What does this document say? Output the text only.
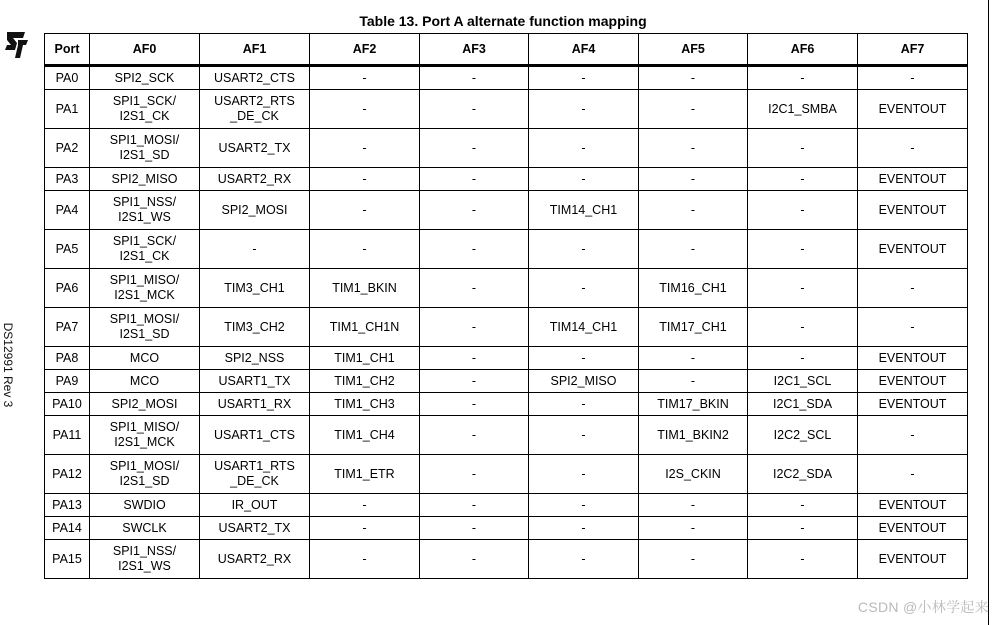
DS12991 Rev 3
Table 13. Port A alternate function mapping
Port	AF0	AF1	AF2	AF3	AF4	AF5	AF6	AF7
PA0	SPI2_SCK	USART2_CTS	-	-	-	-	-	-
PA1	SPI1_SCK/
I2S1_CK	USART2_RTS
_DE_CK	-	-	-	-	I2C1_SMBA	EVENTOUT
PA2	SPI1_MOSI/
I2S1_SD	USART2_TX	-	-	-	-	-	-
PA3	SPI2_MISO	USART2_RX	-	-	-	-	-	EVENTOUT
PA4	SPI1_NSS/
I2S1_WS	SPI2_MOSI	-	-	TIM14_CH1	-	-	EVENTOUT
PA5	SPI1_SCK/
I2S1_CK	-	-	-	-	-	-	EVENTOUT
PA6	SPI1_MISO/
I2S1_MCK	TIM3_CH1	TIM1_BKIN	-	-	TIM16_CH1	-	-
PA7	SPI1_MOSI/
I2S1_SD	TIM3_CH2	TIM1_CH1N	-	TIM14_CH1	TIM17_CH1	-	-
PA8	MCO	SPI2_NSS	TIM1_CH1	-	-	-	-	EVENTOUT
PA9	MCO	USART1_TX	TIM1_CH2	-	SPI2_MISO	-	I2C1_SCL	EVENTOUT
PA10	SPI2_MOSI	USART1_RX	TIM1_CH3	-	-	TIM17_BKIN	I2C1_SDA	EVENTOUT
PA11	SPI1_MISO/
I2S1_MCK	USART1_CTS	TIM1_CH4	-	-	TIM1_BKIN2	I2C2_SCL	-
PA12	SPI1_MOSI/
I2S1_SD	USART1_RTS
_DE_CK	TIM1_ETR	-	-	I2S_CKIN	I2C2_SDA	-
PA13	SWDIO	IR_OUT	-	-	-	-	-	EVENTOUT
PA14	SWCLK	USART2_TX	-	-	-	-	-	EVENTOUT
PA15	SPI1_NSS/
I2S1_WS	USART2_RX	-	-	-	-	-	EVENTOUT
CSDN @小林学起来
